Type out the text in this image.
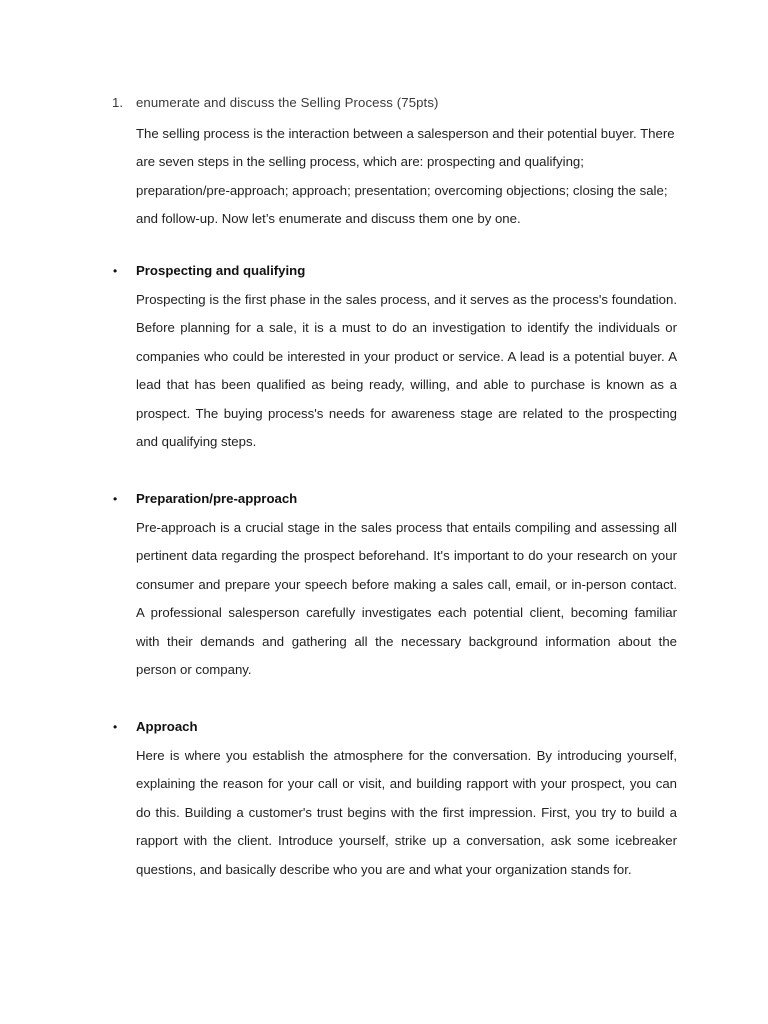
1. enumerate and discuss the Selling Process (75pts)
The selling process is the interaction between a salesperson and their potential buyer. There are seven steps in the selling process, which are: prospecting and qualifying; preparation/pre-approach; approach; presentation; overcoming objections; closing the sale; and follow-up. Now let’s enumerate and discuss them one by one.
• Prospecting and qualifying
Prospecting is the first phase in the sales process, and it serves as the process's foundation. Before planning for a sale, it is a must to do an investigation to identify the individuals or companies who could be interested in your product or service. A lead is a potential buyer. A lead that has been qualified as being ready, willing, and able to purchase is known as a prospect. The buying process's needs for awareness stage are related to the prospecting and qualifying steps.
• Preparation/pre-approach
Pre-approach is a crucial stage in the sales process that entails compiling and assessing all pertinent data regarding the prospect beforehand. It's important to do your research on your consumer and prepare your speech before making a sales call, email, or in-person contact. A professional salesperson carefully investigates each potential client, becoming familiar with their demands and gathering all the necessary background information about the person or company.
• Approach
Here is where you establish the atmosphere for the conversation. By introducing yourself, explaining the reason for your call or visit, and building rapport with your prospect, you can do this. Building a customer's trust begins with the first impression. First, you try to build a rapport with the client. Introduce yourself, strike up a conversation, ask some icebreaker questions, and basically describe who you are and what your organization stands for.
